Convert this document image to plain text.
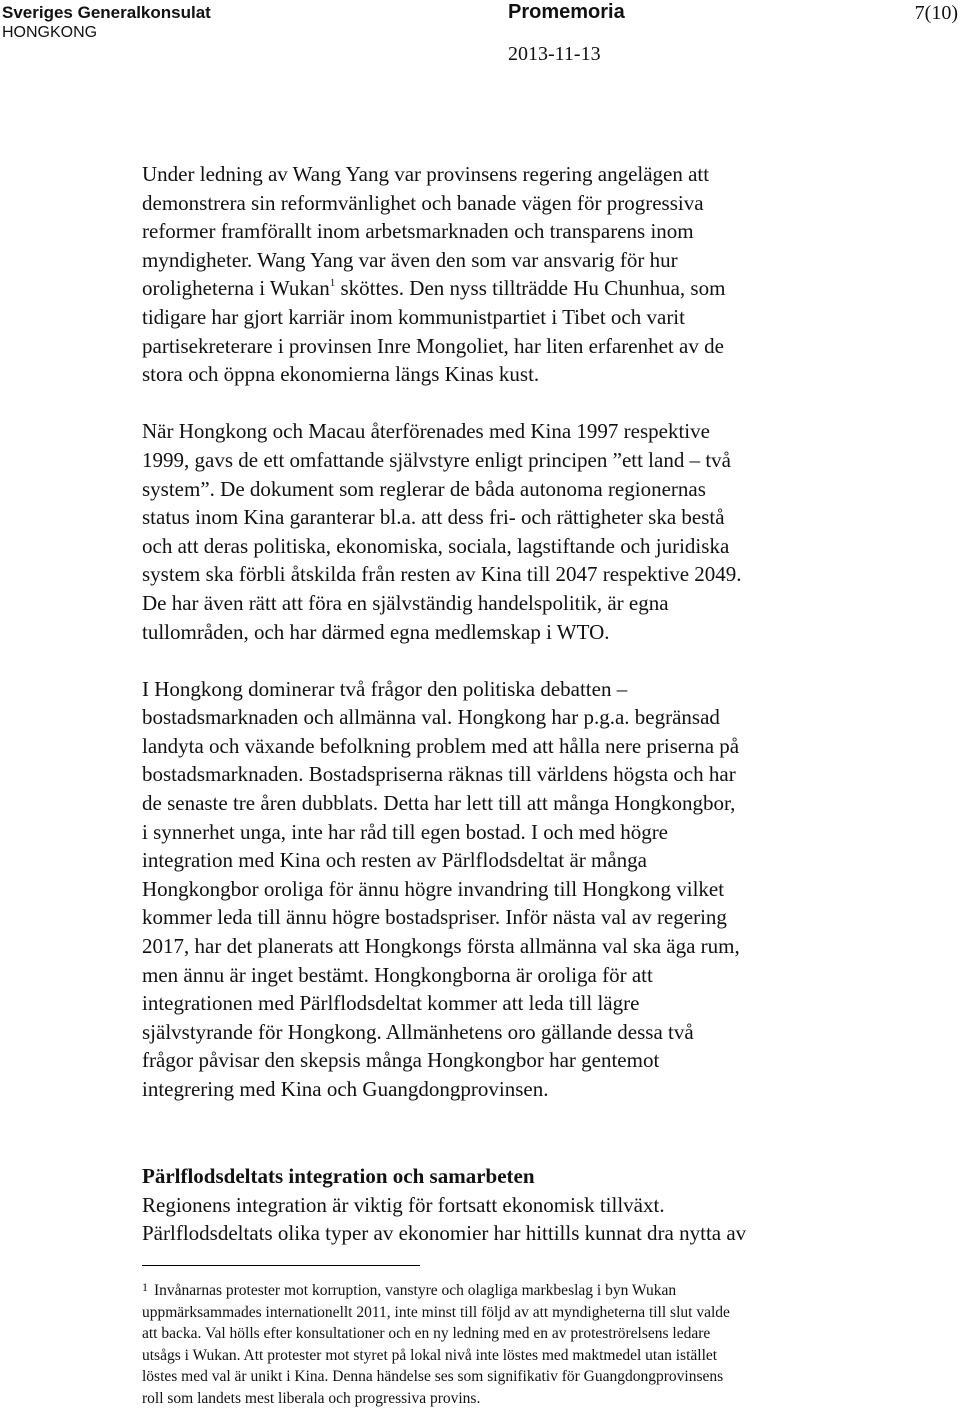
Sveriges Generalkonsulat
HONGKONG
Promemoria	7(10)
2013-11-13

Under ledning av Wang Yang var provinsens regering angelägen att
demonstrera sin reformvänlighet och banade vägen för progressiva
reformer framförallt inom arbetsmarknaden och transparens inom
myndigheter. Wang Yang var även den som var ansvarig för hur
oroligheterna i Wukan$^1$ sköttes. Den nyss tillträdde Hu Chunhua, som
tidigare har gjort karriär inom kommunistpartiet i Tibet och varit
partisekreterare i provinsen Inre Mongoliet, har liten erfarenhet av de
stora och öppna ekonomierna längs Kinas kust.

När Hongkong och Macau återförenades med Kina 1997 respektive
1999, gavs de ett omfattande självstyre enligt principen ”ett land – två
system”. De dokument som reglerar de båda autonoma regionernas
status inom Kina garanterar bl.a. att dess fri- och rättigheter ska bestå
och att deras politiska, ekonomiska, sociala, lagstiftande och juridiska
system ska förbli åtskilda från resten av Kina till 2047 respektive 2049.
De har även rätt att föra en självständig handelspolitik, är egna
tullområden, och har därmed egna medlemskap i WTO.

I Hongkong dominerar två frågor den politiska debatten –
bostadsmarknaden och allmänna val. Hongkong har p.g.a. begränsad
landyta och växande befolkning problem med att hålla nere priserna på
bostadsmarknaden. Bostadspriserna räknas till världens högsta och har
de senaste tre åren dubblats. Detta har lett till att många Hongkongbor,
i synnerhet unga, inte har råd till egen bostad. I och med högre
integration med Kina och resten av Pärlflodsdeltat är många
Hongkongbor oroliga för ännu högre invandring till Hongkong vilket
kommer leda till ännu högre bostadspriser. Inför nästa val av regering
2017, har det planerats att Hongkongs första allmänna val ska äga rum,
men ännu är inget bestämt. Hongkongborna är oroliga för att
integrationen med Pärlflodsdeltat kommer att leda till lägre
självstyrande för Hongkong. Allmänhetens oro gällande dessa två
frågor påvisar den skepsis många Hongkongbor har gentemot
integrering med Kina och Guangdongprovinsen.

Pärlflodsdeltats integration och samarbeten
Regionens integration är viktig för fortsatt ekonomisk tillväxt.
Pärlflodsdeltats olika typer av ekonomier har hittills kunnat dra nytta av
$^1$ Invånarnas protester mot korruption, vanstyre och olagliga markbeslag i byn Wukan
uppmärksammades internationellt 2011, inte minst till följd av att myndigheterna till slut valde
att backa. Val hölls efter konsultationer och en ny ledning med en av proteströrelsens ledare
utsågs i Wukan. Att protester mot styret på lokal nivå inte löstes med maktmedel utan istället
löstes med val är unikt i Kina. Denna händelse ses som signifikativ för Guangdongprovinsens
roll som landets mest liberala och progressiva provins.
